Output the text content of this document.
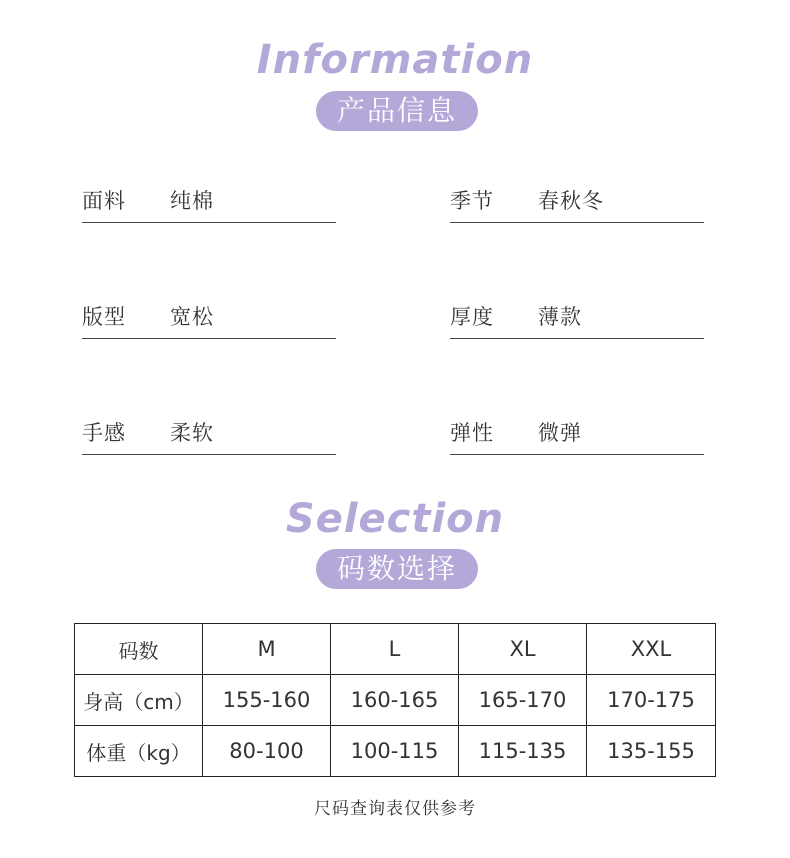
Information
产品信息
面料 纯棉	季节 春秋冬
版型 宽松	厚度 薄款
手感 柔软	弹性 微弹
Selection
码数选择
码数	M	L	XL	XXL
身高（cm）	155-160	160-165	165-170	170-175
体重（kg）	80-100	100-115	115-135	135-155
尺码查询表仅供参考
